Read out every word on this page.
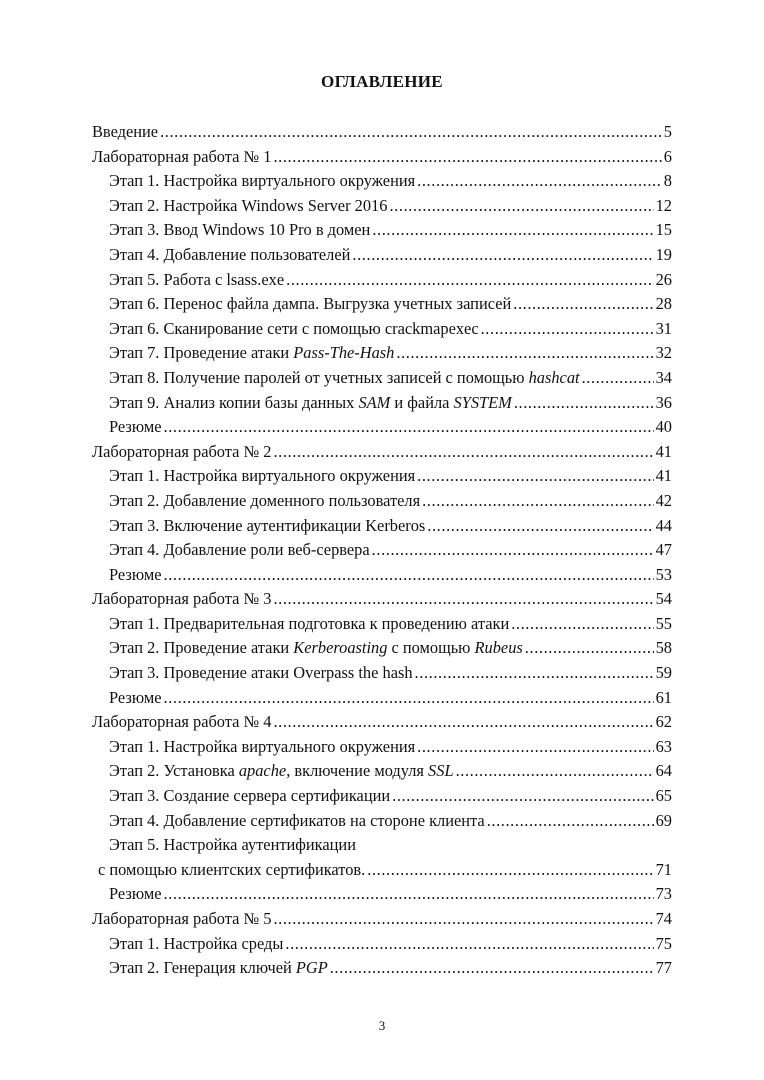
ОГЛАВЛЕНИЕ
Введение .....	5
Лабораторная работа № 1 .....	6
Этап 1. Настройка виртуального окружения .....	8
Этап 2. Настройка Windows Server 2016 .....	12
Этап 3. Ввод Windows 10 Pro в домен .....	15
Этап 4. Добавление пользователей .....	19
Этап 5. Работа с lsass.exe .....	26
Этап 6. Перенос файла дампа. Выгрузка учетных записей .....	28
Этап 6. Сканирование сети с помощью crackmapexec .....	31
Этап 7. Проведение атаки Pass-The-Hash .....	32
Этап 8. Получение паролей от учетных записей с помощью hashcat .....	34
Этап 9. Анализ копии базы данных SAM и файла SYSTEM .....	36
Резюме .....	40
Лабораторная работа № 2 .....	41
Этап 1. Настройка виртуального окружения .....	41
Этап 2. Добавление доменного пользователя .....	42
Этап 3. Включение аутентификации Kerberos .....	44
Этап 4. Добавление роли веб-сервера .....	47
Резюме .....	53
Лабораторная работа № 3 .....	54
Этап 1. Предварительная подготовка к проведению атаки .....	55
Этап 2. Проведение атаки Kerberoasting с помощью Rubeus .....	58
Этап 3. Проведение атаки Overpass the hash .....	59
Резюме .....	61
Лабораторная работа № 4 .....	62
Этап 1. Настройка виртуального окружения .....	63
Этап 2. Установка apache, включение модуля SSL .....	64
Этап 3. Создание сервера сертификации .....	65
Этап 4. Добавление сертификатов на стороне клиента .....	69
Этап 5. Настройка аутентификации
с помощью клиентских сертификатов. .....	71
Резюме .....	73
Лабораторная работа № 5 .....	74
Этап 1. Настройка среды .....	75
Этап 2. Генерация ключей PGP .....	77
3
